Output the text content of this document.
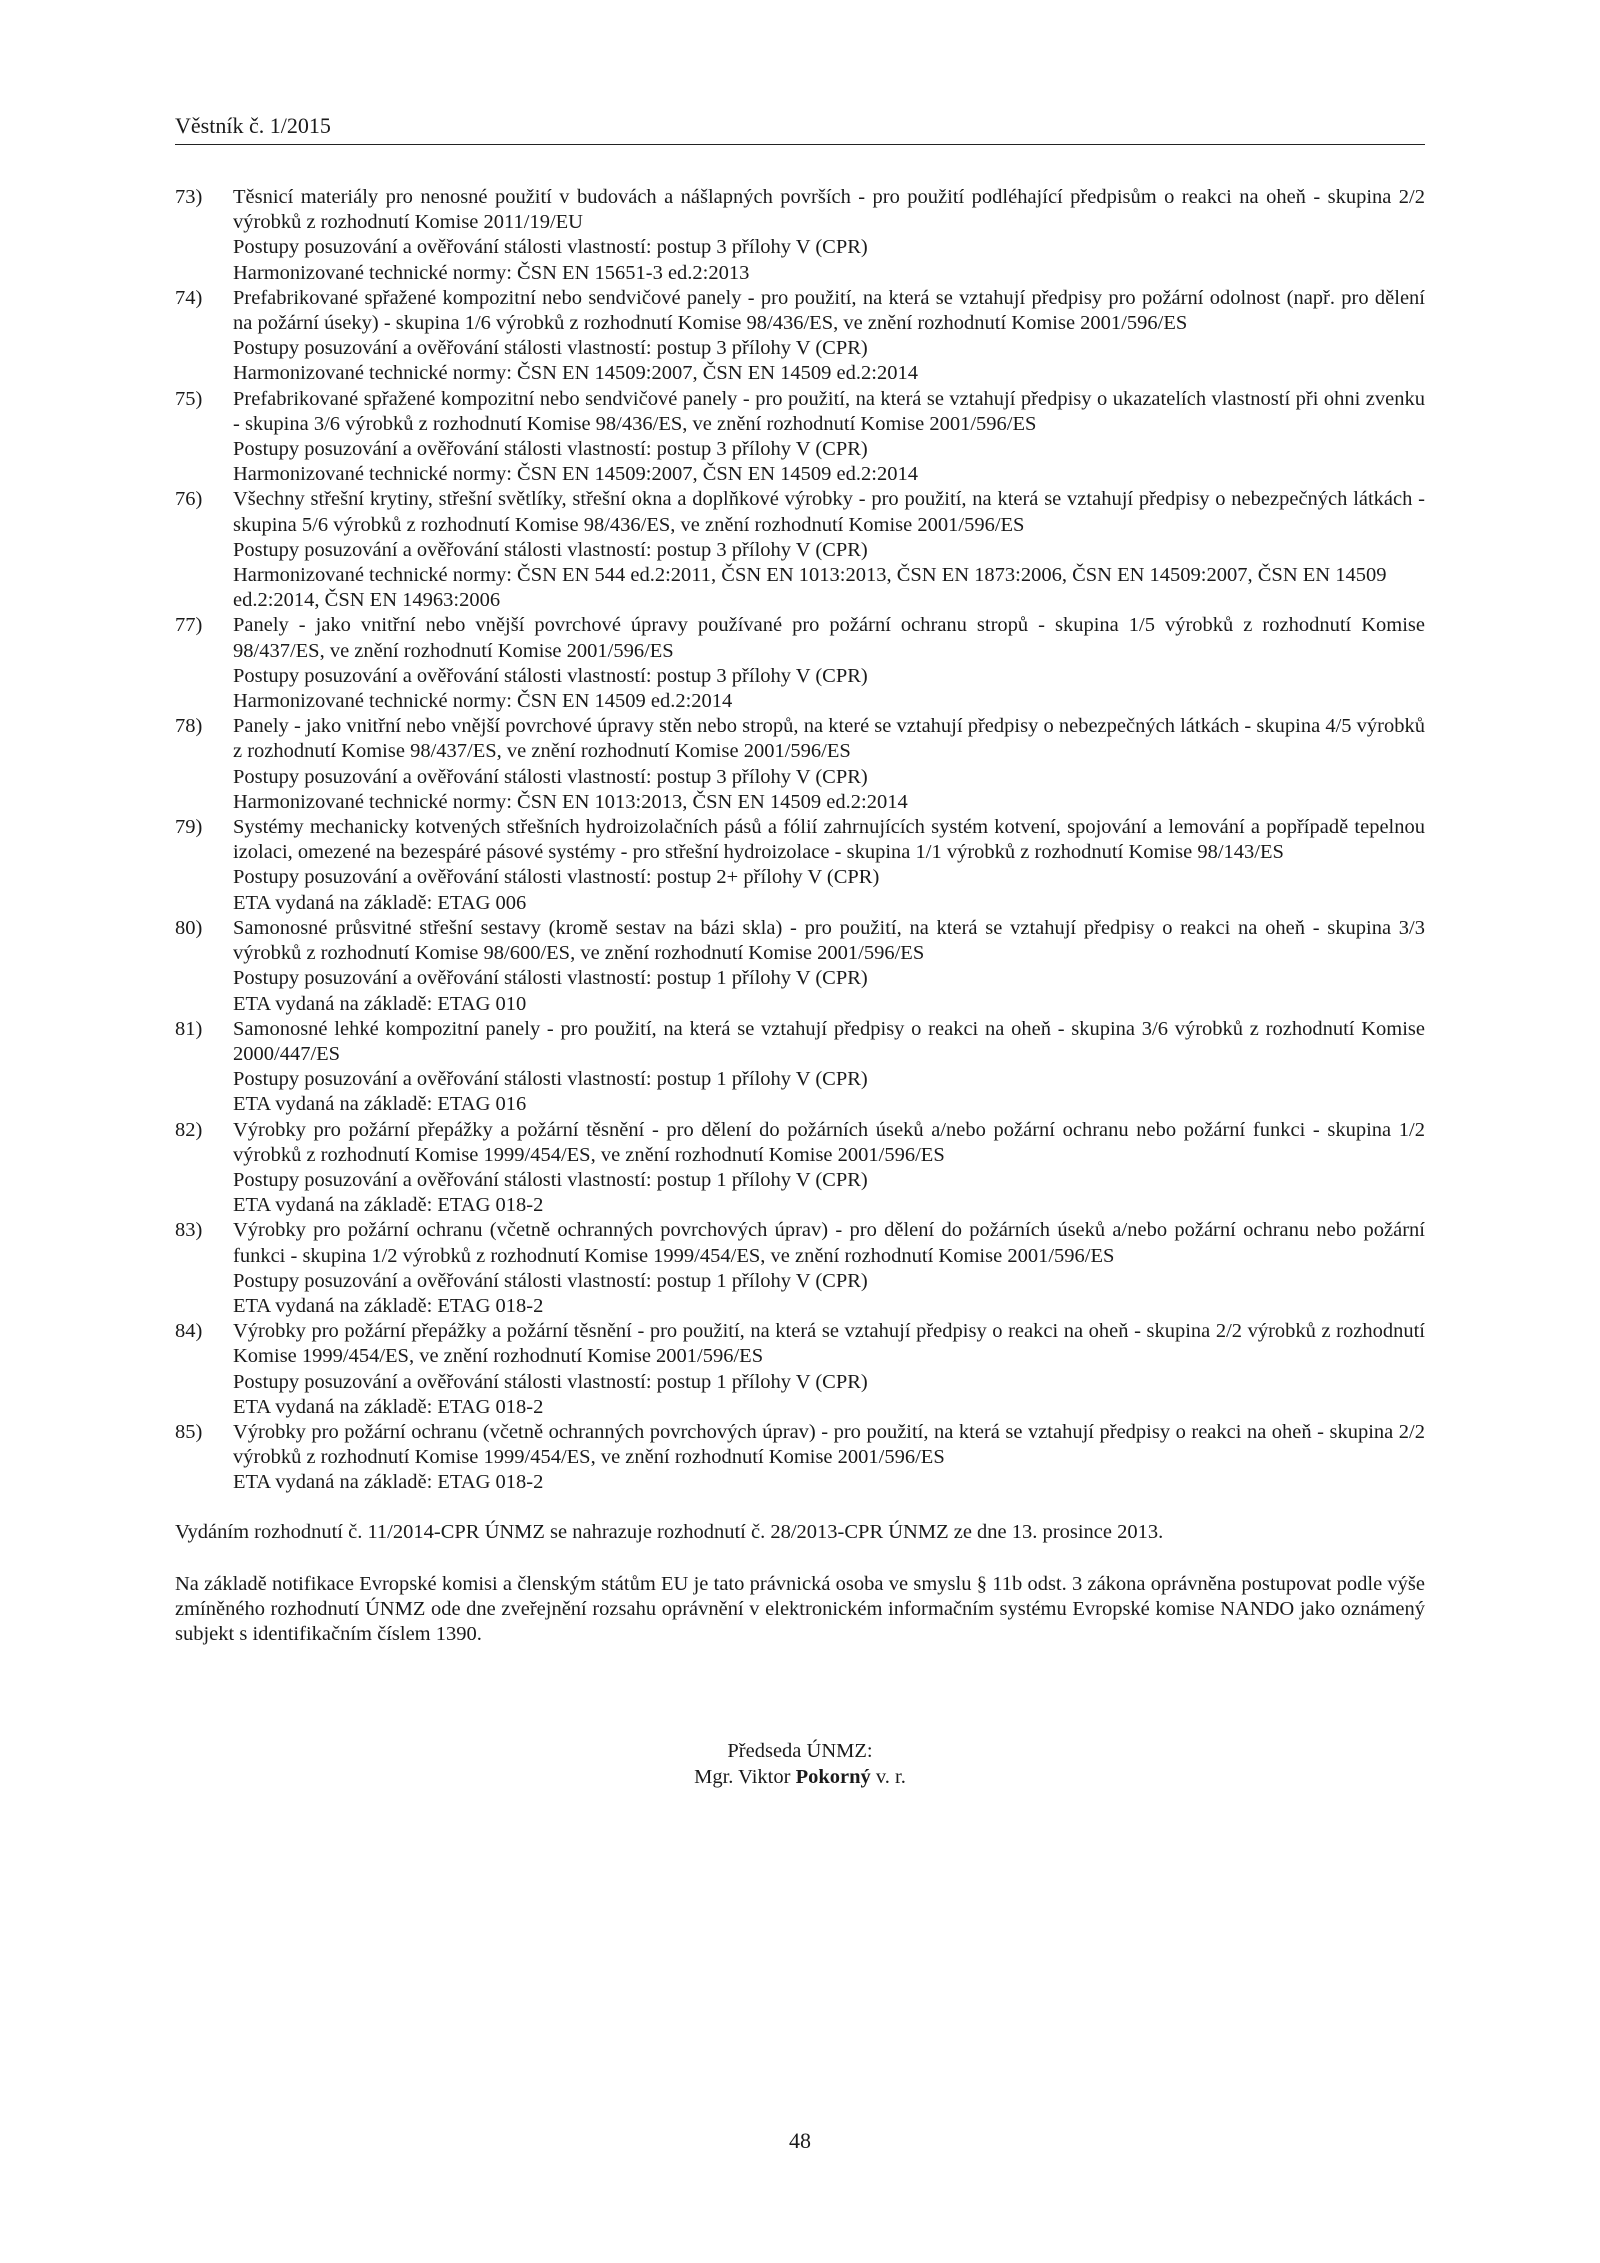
Věstník č. 1/2015
73)	Těsnicí materiály pro nenosné použití v budovách a nášlapných površích - pro použití podléhající předpisům o reakci na oheň - skupina 2/2 výrobků z rozhodnutí Komise 2011/19/EU
Postupy posuzování a ověřování stálosti vlastností: postup 3 přílohy V (CPR)
Harmonizované technické normy: ČSN EN 15651-3 ed.2:2013
74)	Prefabrikované spřažené kompozitní nebo sendvičové panely - pro použití, na která se vztahují předpisy pro požární odolnost (např. pro dělení na požární úseky) - skupina 1/6 výrobků z rozhodnutí Komise 98/436/ES, ve znění rozhodnutí Komise 2001/596/ES
Postupy posuzování a ověřování stálosti vlastností: postup 3 přílohy V (CPR)
Harmonizované technické normy: ČSN EN 14509:2007, ČSN EN 14509 ed.2:2014
75)	Prefabrikované spřažené kompozitní nebo sendvičové panely - pro použití, na která se vztahují předpisy o ukazatelích vlastností při ohni zvenku - skupina 3/6 výrobků z rozhodnutí Komise 98/436/ES, ve znění rozhodnutí Komise 2001/596/ES
Postupy posuzování a ověřování stálosti vlastností: postup 3 přílohy V (CPR)
Harmonizované technické normy: ČSN EN 14509:2007, ČSN EN 14509 ed.2:2014
76)	Všechny střešní krytiny, střešní světlíky, střešní okna a doplňkové výrobky - pro použití, na která se vztahují předpisy o nebezpečných látkách - skupina 5/6 výrobků z rozhodnutí Komise 98/436/ES, ve znění rozhodnutí Komise 2001/596/ES
Postupy posuzování a ověřování stálosti vlastností: postup 3 přílohy V (CPR)
Harmonizované technické normy: ČSN EN 544 ed.2:2011, ČSN EN 1013:2013, ČSN EN 1873:2006, ČSN EN 14509:2007, ČSN EN 14509 ed.2:2014, ČSN EN 14963:2006
77)	Panely - jako vnitřní nebo vnější povrchové úpravy používané pro požární ochranu stropů - skupina 1/5 výrobků z rozhodnutí Komise 98/437/ES, ve znění rozhodnutí Komise 2001/596/ES
Postupy posuzování a ověřování stálosti vlastností: postup 3 přílohy V (CPR)
Harmonizované technické normy: ČSN EN 14509 ed.2:2014
78)	Panely - jako vnitřní nebo vnější povrchové úpravy stěn nebo stropů, na které se vztahují předpisy o nebezpečných látkách - skupina 4/5 výrobků z rozhodnutí Komise 98/437/ES, ve znění rozhodnutí Komise 2001/596/ES
Postupy posuzování a ověřování stálosti vlastností: postup 3 přílohy V (CPR)
Harmonizované technické normy: ČSN EN 1013:2013, ČSN EN 14509 ed.2:2014
79)	Systémy mechanicky kotvených střešních hydroizolačních pásů a fólií zahrnujících systém kotvení, spojování a lemování a popřípadě tepelnou izolaci, omezené na bezespáré pásové systémy - pro střešní hydroizolace - skupina 1/1 výrobků z rozhodnutí Komise 98/143/ES
Postupy posuzování a ověřování stálosti vlastností: postup 2+ přílohy V (CPR)
ETA vydaná na základě: ETAG 006
80)	Samonosné průsvitné střešní sestavy (kromě sestav na bázi skla) - pro použití, na která se vztahují předpisy o reakci na oheň - skupina 3/3 výrobků z rozhodnutí Komise 98/600/ES, ve znění rozhodnutí Komise 2001/596/ES
Postupy posuzování a ověřování stálosti vlastností: postup 1 přílohy V (CPR)
ETA vydaná na základě: ETAG 010
81)	Samonosné lehké kompozitní panely - pro použití, na která se vztahují předpisy o reakci na oheň - skupina 3/6 výrobků z rozhodnutí Komise 2000/447/ES
Postupy posuzování a ověřování stálosti vlastností: postup 1 přílohy V (CPR)
ETA vydaná na základě: ETAG 016
82)	Výrobky pro požární přepážky a požární těsnění - pro dělení do požárních úseků a/nebo požární ochranu nebo požární funkci - skupina 1/2 výrobků z rozhodnutí Komise 1999/454/ES, ve znění rozhodnutí Komise 2001/596/ES
Postupy posuzování a ověřování stálosti vlastností: postup 1 přílohy V (CPR)
ETA vydaná na základě: ETAG 018-2
83)	Výrobky pro požární ochranu (včetně ochranných povrchových úprav) - pro dělení do požárních úseků a/nebo požární ochranu nebo požární funkci - skupina 1/2 výrobků z rozhodnutí Komise 1999/454/ES, ve znění rozhodnutí Komise 2001/596/ES
Postupy posuzování a ověřování stálosti vlastností: postup 1 přílohy V (CPR)
ETA vydaná na základě: ETAG 018-2
84)	Výrobky pro požární přepážky a požární těsnění - pro použití, na která se vztahují předpisy o reakci na oheň - skupina 2/2 výrobků z rozhodnutí Komise 1999/454/ES, ve znění rozhodnutí Komise 2001/596/ES
Postupy posuzování a ověřování stálosti vlastností: postup 1 přílohy V (CPR)
ETA vydaná na základě: ETAG 018-2
85)	Výrobky pro požární ochranu (včetně ochranných povrchových úprav) - pro použití, na která se vztahují předpisy o reakci na oheň - skupina 2/2 výrobků z rozhodnutí Komise 1999/454/ES, ve znění rozhodnutí Komise 2001/596/ES
ETA vydaná na základě: ETAG 018-2
Vydáním rozhodnutí č. 11/2014-CPR ÚNMZ se nahrazuje rozhodnutí č. 28/2013-CPR ÚNMZ ze dne 13. prosince 2013.
Na základě notifikace Evropské komisi a členským státům EU je tato právnická osoba ve smyslu § 11b odst. 3 zákona oprávněna postupovat podle výše zmíněného rozhodnutí ÚNMZ ode dne zveřejnění rozsahu oprávnění v elektronickém informačním systému Evropské komise NANDO jako oznámený subjekt s identifikačním číslem 1390.
Předseda ÚNMZ:
Mgr. Viktor Pokorný v. r.
48
